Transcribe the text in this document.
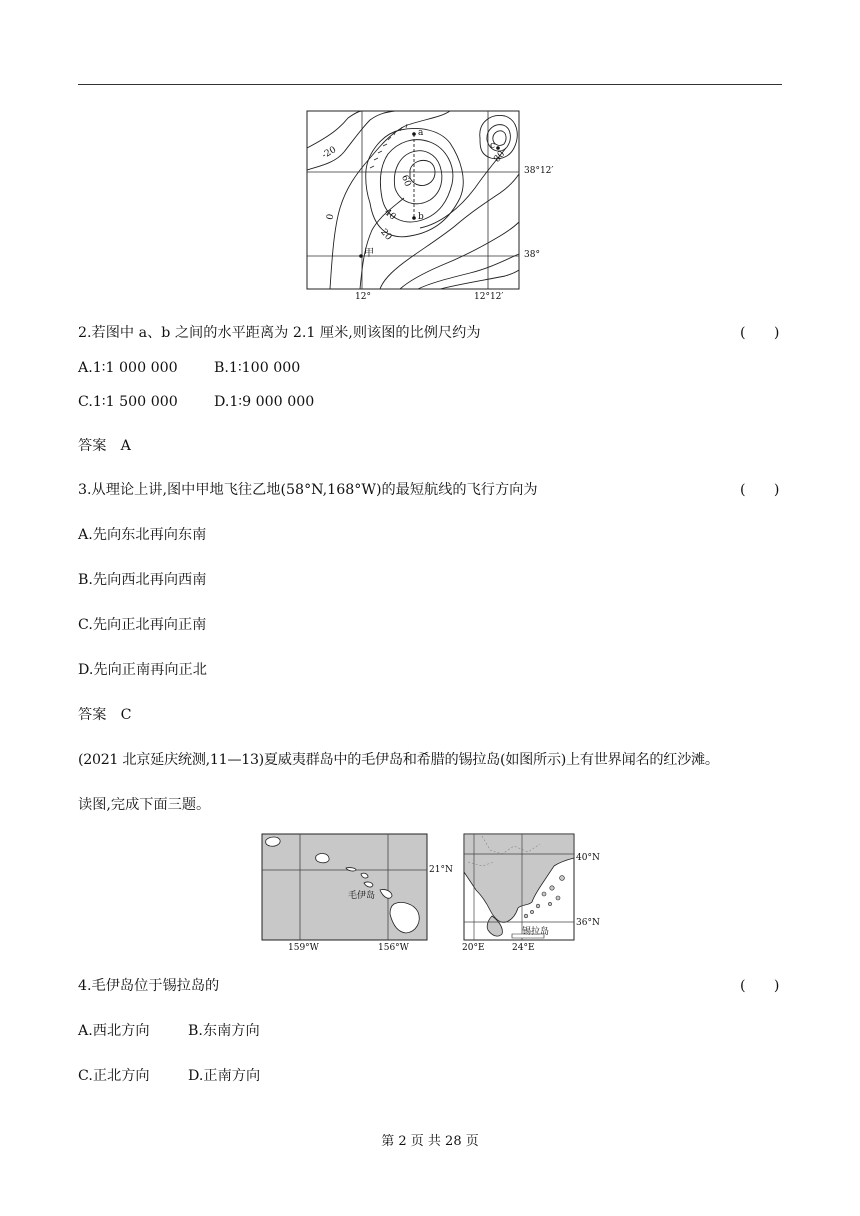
-20
0
20
40
60
80
a
b
c
甲
38°12′
38°
12°	12°12′
2.若图中 a、b 之间的水平距离为 2.1 厘米,则该图的比例尺约为	(　　)
A.1∶1 000 000	B.1∶100 000
C.1∶1 500 000	D.1∶9 000 000
答案　A
3.从理论上讲,图中甲地飞往乙地(58°N,168°W)的最短航线的飞行方向为	(　　)
A.先向东北再向东南
B.先向西北再向西南
C.先向正北再向正南
D.先向正南再向正北
答案　C
(2021 北京延庆统测,11—13)夏威夷群岛中的毛伊岛和希腊的锡拉岛(如图所示)上有世界闻名的红沙滩。
读图,完成下面三题。
21°N
毛伊岛
159°W	156°W
40°N
36°N
锡拉岛
20°E	24°E
4.毛伊岛位于锡拉岛的	(　　)
A.西北方向	B.东南方向
C.正北方向	D.正南方向
第 2 页 共 28 页
